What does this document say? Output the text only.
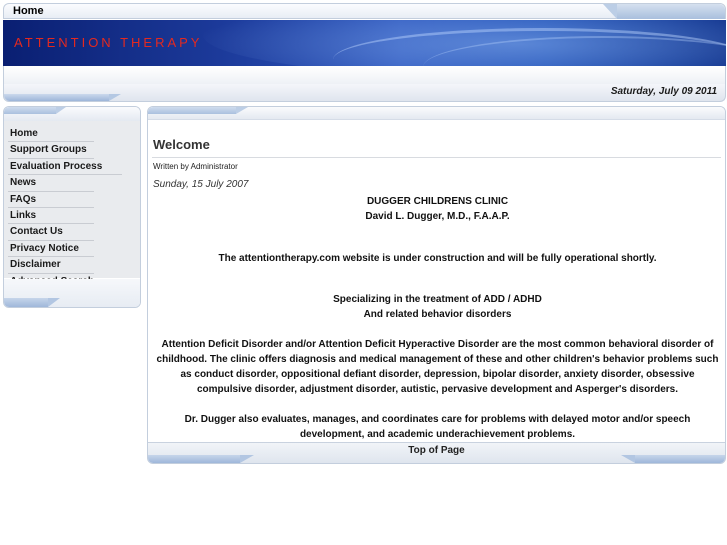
Home
ATTENTION THERAPY
Saturday, July 09 2011
Home
Support Groups
Evaluation Process
News
FAQs
Links
Contact Us
Privacy Notice
Disclaimer
Welcome
Written by Administrator
Sunday, 15 July 2007

DUGGER CHILDRENS CLINIC

David L. Dugger, M.D., F.A.A.P.

The attentiontherapy.com website is under construction and will be fully operational shortly.

Specializing in the treatment of ADD / ADHD

And related behavior disorders

Attention Deficit Disorder and/or Attention Deficit Hyperactive Disorder are the most common behavioral disorder of

childhood. The clinic offers diagnosis and medical management of these and other children's behavior problems such

as conduct disorder, oppositional defiant disorder, depression, bipolar disorder, anxiety disorder, obsessive

compulsive disorder, adjustment disorder, autistic, pervasive development and Asperger's disorders.

Dr. Dugger also evaluates, manages, and coordinates care for problems with delayed motor and/or speech

development, and academic underachievement problems.

Top of Page
